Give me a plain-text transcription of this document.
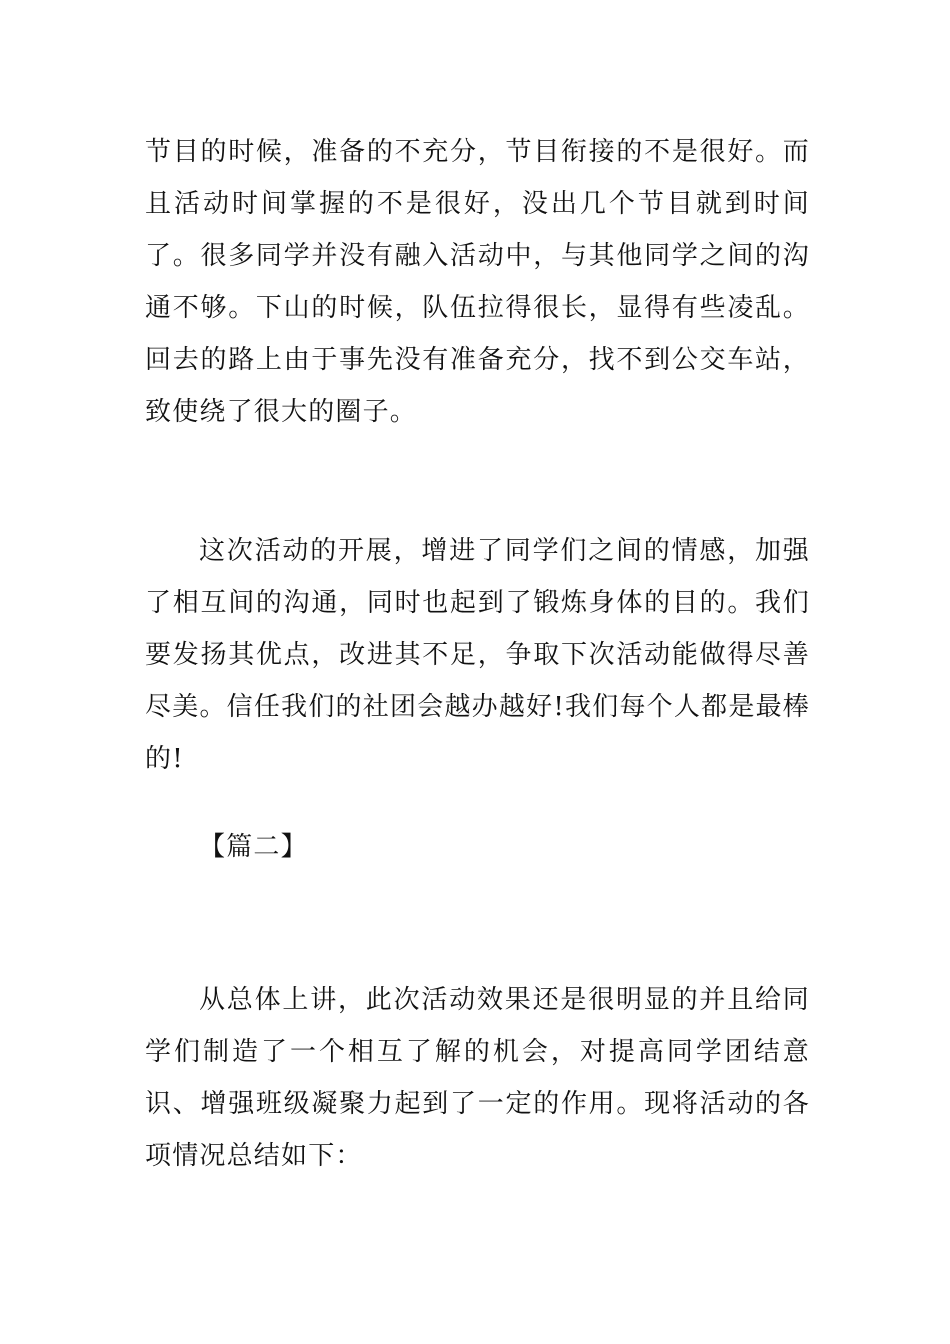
节目的时候，准备的不充分，节目衔接的不是很好。而且活动时间掌握的不是很好，没出几个节目就到时间了。很多同学并没有融入活动中，与其他同学之间的沟通不够。下山的时候，队伍拉得很长，显得有些凌乱。回去的路上由于事先没有准备充分，找不到公交车站，致使绕了很大的圈子。

这次活动的开展，增进了同学们之间的情感，加强了相互间的沟通，同时也起到了锻炼身体的目的。我们要发扬其优点，改进其不足，争取下次活动能做得尽善尽美。信任我们的社团会越办越好!我们每个人都是最棒的!

【篇二】

从总体上讲，此次活动效果还是很明显的并且给同学们制造了一个相互了解的机会，对提高同学团结意识、增强班级凝聚力起到了一定的作用。现将活动的各项情况总结如下：
